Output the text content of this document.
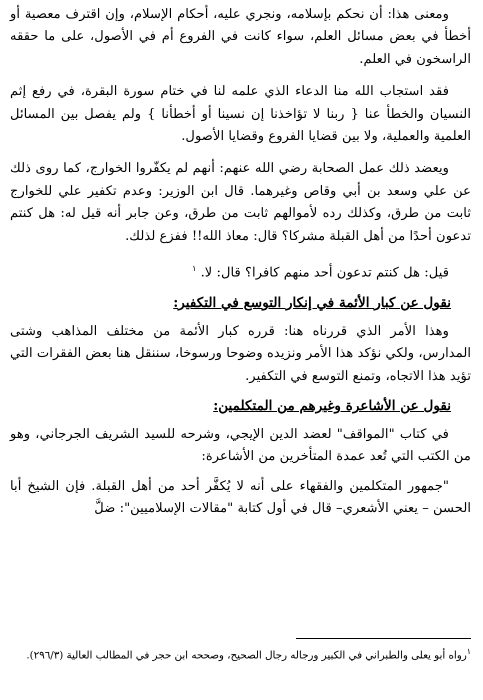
ومعنى هذا: أن نحكم بإسلامه، ونجري عليه، أحكام الإسلام، وإن اقترف معصية أو أخطأ في بعض مسائل العلم، سواء كانت في الفروع أم في الأصول، على ما حققه الراسخون في العلم.

فقد استجاب الله منا الدعاء الذي علمه لنا في ختام سورة البقرة، في رفع إثم النسيان والخطأ عنا { ربنا لا تؤاخذنا إن نسينا أو أخطأنا } ولم يفصل بين المسائل العلمية والعملية، ولا بين قضايا الفروع وقضايا الأصول.

ويعضد ذلك عمل الصحابة رضي الله عنهم: أنهم لم يكفّروا الخوارج، كما روى ذلك عن علي وسعد بن أبي وقاص وغيرهما. قال ابن الوزير: وعدم تكفير علي للخوارج ثابت من طرق، وكذلك رده لأموالهم ثابت من طرق، وعن جابر أنه قيل له: هل كنتم تدعون أحدًا من أهل القبلة مشركا؟ قال: معاذ الله!! ففزع لذلك.

قيل: هل كنتم تدعون أحد منهم كافرا؟ قال: لا. $^١$

نقول عن كبار الأئمة في إنكار التوسع في التكفير:

وهذا الأمر الذي قررناه هنا: قرره كبار الأئمة من مختلف المذاهب وشتى المدارس، ولكي نؤكد هذا الأمر ونزيده وضوحا ورسوخا، سننقل هنا بعض الفقرات التي تؤيد هذا الاتجاه، وتمنع التوسع في التكفير.

نقول عن الأشاعرة وغيرهم من المتكلمين:

في كتاب "المواقف" لعضد الدين الإيجي، وشرحه للسيد الشريف الجرجاني، وهو من الكتب التي تُعد عمدة المتأخرين من الأشاعرة:

"جمهور المتكلمين والفقهاء على أنه لا يُكفَّر أحد من أهل القبلة. فإن الشيخ أبا الحسن – يعني الأشعري– قال في أول كتابة "مقالات الإسلاميين": ضلَّ

$^١$رواه أبو يعلى والطبراني في الكبير ورجاله رجال الصحيح، وصححه ابن حجر في المطالب العالية (٢٩٦/٣).
